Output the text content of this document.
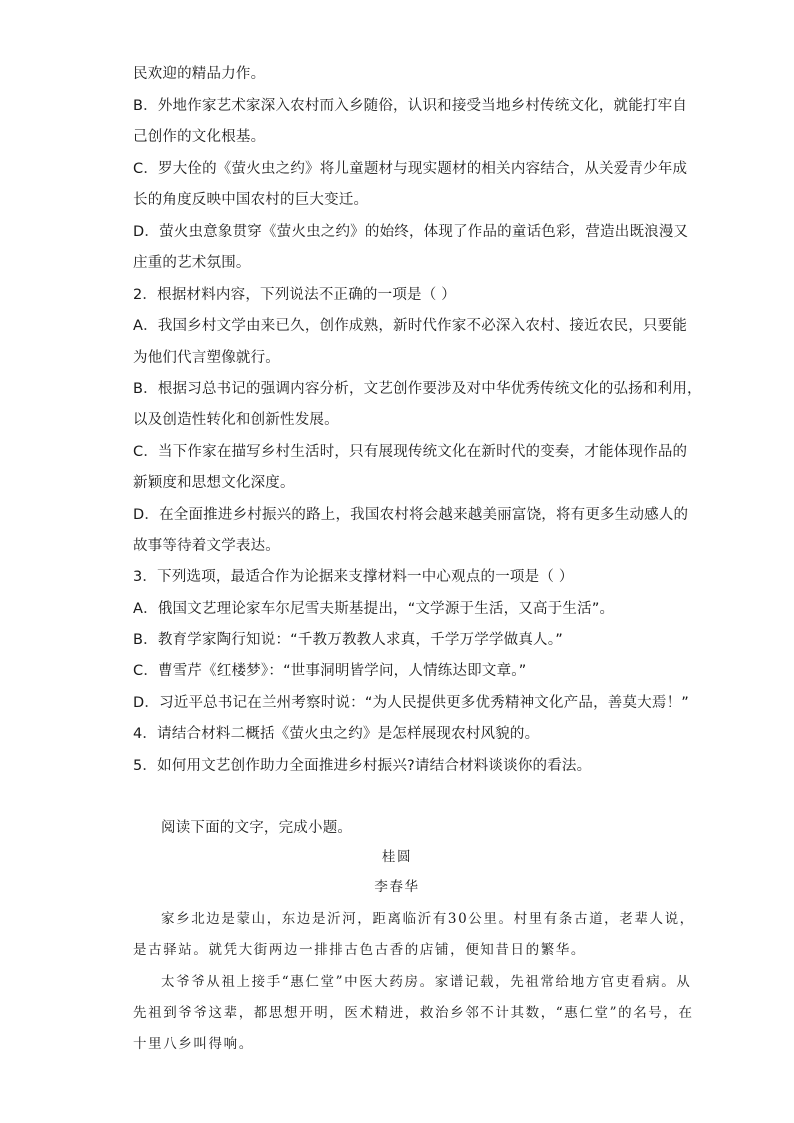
民欢迎的精品力作。
B．外地作家艺术家深入农村而入乡随俗，认识和接受当地乡村传统文化，就能打牢自
己创作的文化根基。
C．罗大佺的《萤火虫之约》将儿童题材与现实题材的相关内容结合，从关爱青少年成
长的角度反映中国农村的巨大变迁。
D．萤火虫意象贯穿《萤火虫之约》的始终，体现了作品的童话色彩，营造出既浪漫又
庄重的艺术氛围。
2．根据材料内容，下列说法不正确的一项是（ ）
A．我国乡村文学由来已久，创作成熟，新时代作家不必深入农村、接近农民，只要能
为他们代言塑像就行。
B．根据习总书记的强调内容分析，文艺创作要涉及对中华优秀传统文化的弘扬和利用，
以及创造性转化和创新性发展。
C．当下作家在描写乡村生活时，只有展现传统文化在新时代的变奏，才能体现作品的
新颖度和思想文化深度。
D．在全面推进乡村振兴的路上，我国农村将会越来越美丽富饶，将有更多生动感人的
故事等待着文学表达。
3．下列选项，最适合作为论据来支撑材料一中心观点的一项是（ ）
A．俄国文艺理论家车尔尼雪夫斯基提出，“文学源于生活，又高于生活”。
B．教育学家陶行知说：“千教万教教人求真，千学万学学做真人。”
C．曹雪芹《红楼梦》：“世事洞明皆学问，人情练达即文章。”
D．习近平总书记在兰州考察时说：“为人民提供更多优秀精神文化产品，善莫大焉！”
4．请结合材料二概括《萤火虫之约》是怎样展现农村风貌的。
5．如何用文艺创作助力全面推进乡村振兴?请结合材料谈谈你的看法。
阅读下面的文字，完成小题。
桂圆
李春华
家乡北边是蒙山，东边是沂河，距离临沂有30公里。村里有条古道，老辈人说，
是古驿站。就凭大街两边一排排古色古香的店铺，便知昔日的繁华。
太爷爷从祖上接手“惠仁堂”中医大药房。家谱记载，先祖常给地方官吏看病。从
先祖到爷爷这辈，都思想开明，医术精进，救治乡邻不计其数，“惠仁堂”的名号，在
十里八乡叫得响。
